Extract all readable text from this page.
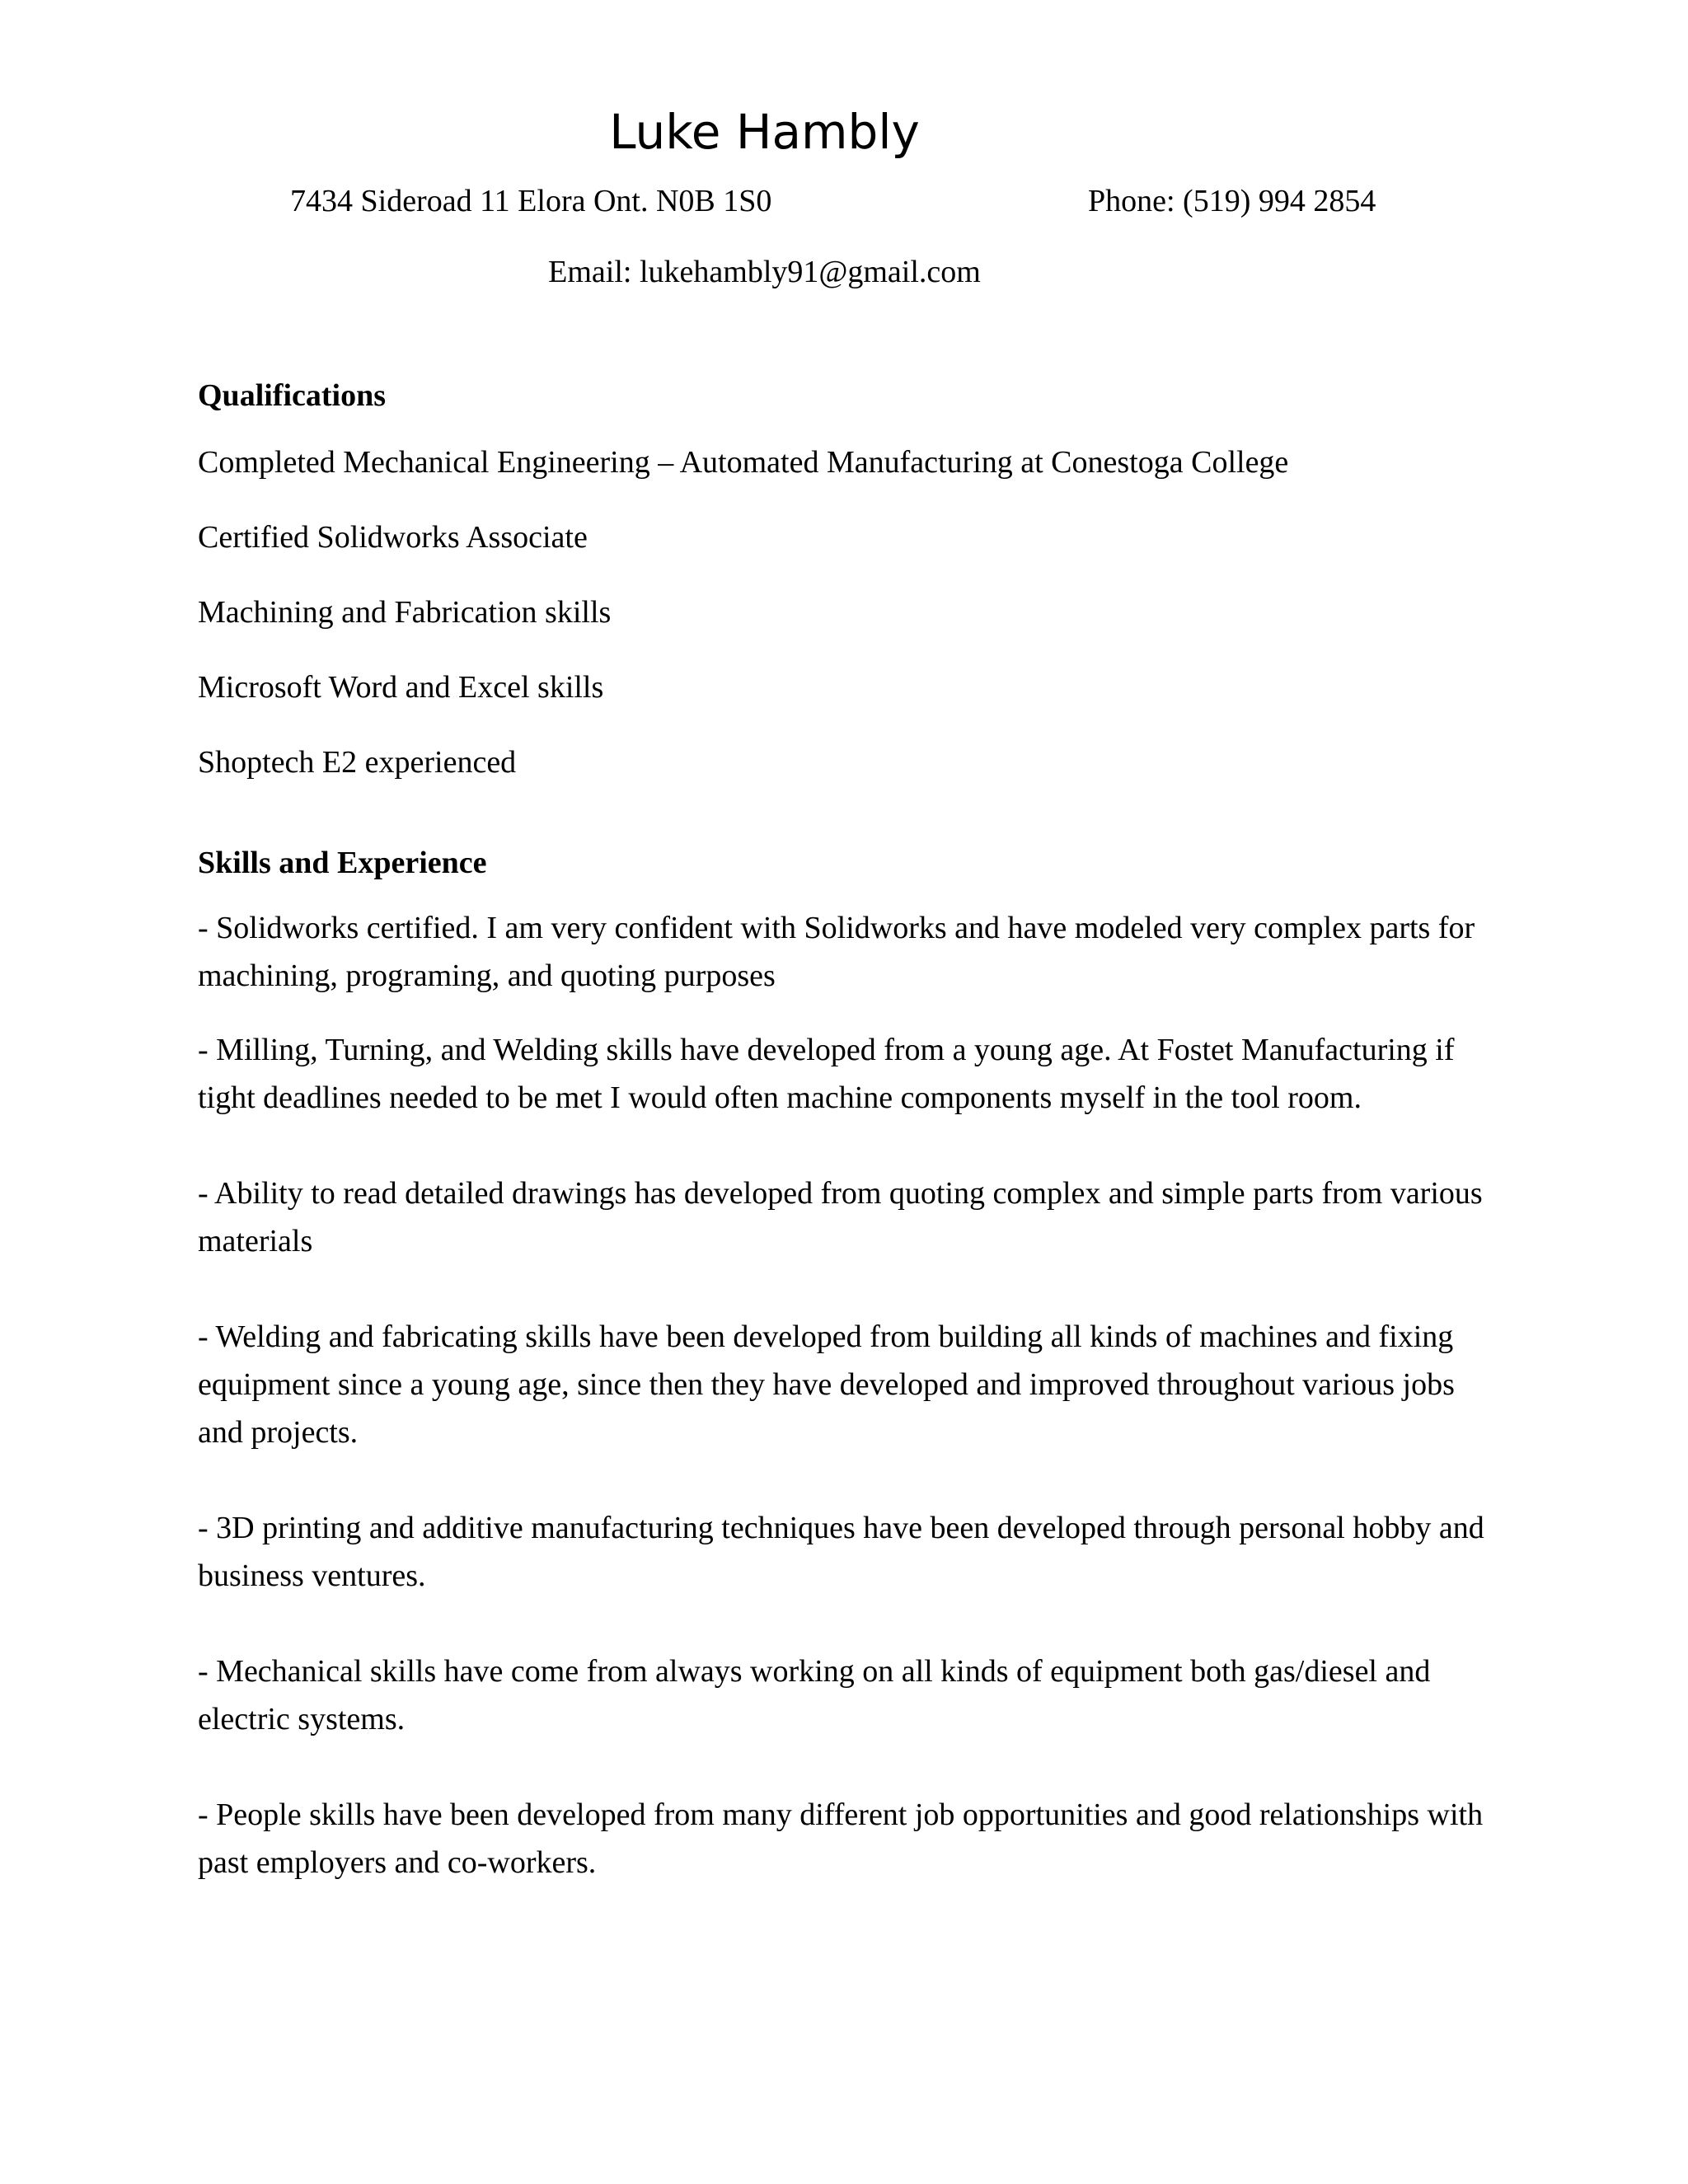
Luke Hambly
7434 Sideroad 11 Elora Ont. N0B 1S0	Phone: (519) 994 2854
Email: lukehambly91@gmail.com
Qualifications
Completed Mechanical Engineering – Automated Manufacturing at Conestoga College
Certified Solidworks Associate
Machining and Fabrication skills
Microsoft Word and Excel skills
Shoptech E2 experienced
Skills and Experience

- Solidworks certified. I am very confident with Solidworks and have modeled very complex parts for machining, programing, and quoting purposes

- Milling, Turning, and Welding skills have developed from a young age. At Fostet Manufacturing if tight deadlines needed to be met I would often machine components myself in the tool room.

- Ability to read detailed drawings has developed from quoting complex and simple parts from various materials

- Welding and fabricating skills have been developed from building all kinds of machines and fixing equipment since a young age, since then they have developed and improved throughout various jobs and projects.

- 3D printing and additive manufacturing techniques have been developed through personal hobby and business ventures.

- Mechanical skills have come from always working on all kinds of equipment both gas/diesel and electric systems.

- People skills have been developed from many different job opportunities and good relationships with past employers and co-workers.
